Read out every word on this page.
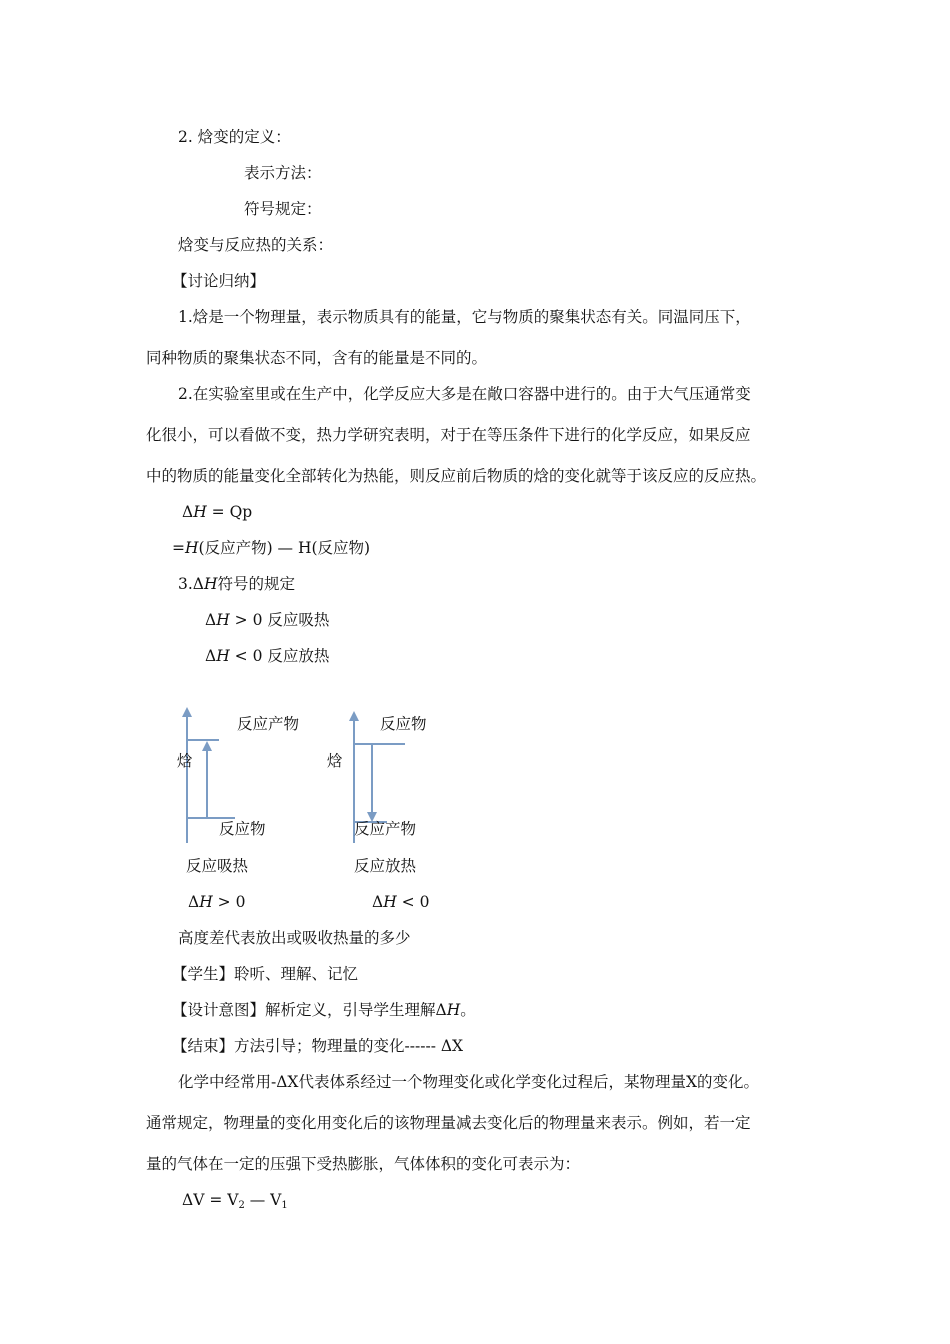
2. 焓变的定义：
表示方法：
符号规定：
焓变与反应热的关系：
【讨论归纳】
1.焓是一个物理量，表示物质具有的能量，它与物质的聚集状态有关。同温同压下，
同种物质的聚集状态不同，含有的能量是不同的。
2.在实验室里或在生产中，化学反应大多是在敞口容器中进行的。由于大气压通常变
化很小，可以看做不变，热力学研究表明，对于在等压条件下进行的化学反应，如果反应
中的物质的能量变化全部转化为热能，则反应前后物质的焓的变化就等于该反应的反应热。
ΔH = Qp
=H(反应产物) — H(反应物)
3.ΔH符号的规定
ΔH > 0 反应吸热
ΔH < 0 反应放热
反应产物
焓
反应物
反应吸热
ΔH > 0
反应物
焓
反应产物
反应放热
ΔH < 0
高度差代表放出或吸收热量的多少
【学生】聆听、理解、记忆
【设计意图】解析定义，引导学生理解ΔH。
【结束】方法引导；物理量的变化------ ΔX
化学中经常用-ΔX代表体系经过一个物理变化或化学变化过程后，某物理量X的变化。
通常规定，物理量的变化用变化后的该物理量减去变化后的物理量来表示。例如，若一定
量的气体在一定的压强下受热膨胀，气体体积的变化可表示为：
$\Delta V = V_2$ — $V_1$
